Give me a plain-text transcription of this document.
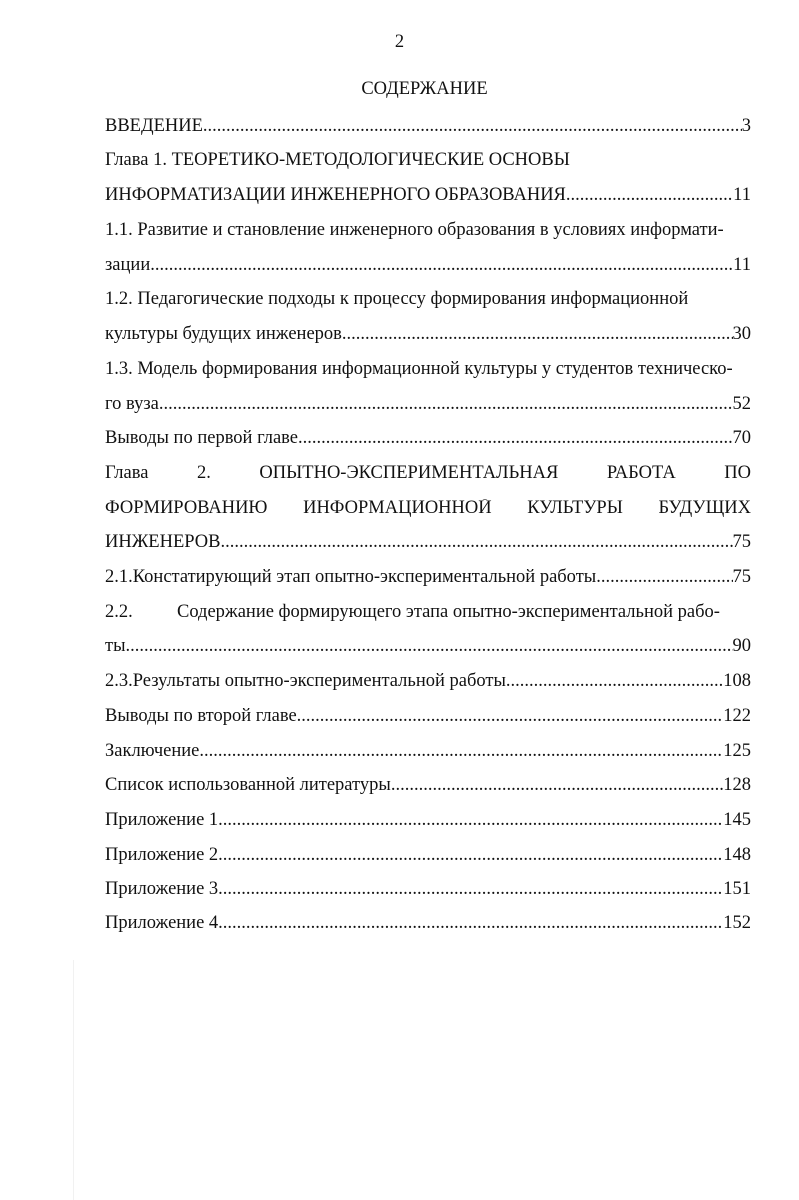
2
СОДЕРЖАНИЕ
ВВЕДЕНИЕ .....	3
Глава 1. ТЕОРЕТИКО-МЕТОДОЛОГИЧЕСКИЕ ОСНОВЫ
ИНФОРМАТИЗАЦИИ ИНЖЕНЕРНОГО ОБРАЗОВАНИЯ .....	11
1.1. Развитие и становление инженерного образования в условиях информати-
зации .....	11
1.2. Педагогические подходы к процессу формирования информационной
культуры будущих инженеров .....	30
1.3. Модель формирования информационной культуры у студентов техническо-
го вуза .....	52
Выводы по первой главе .....	70
Глава 2. ОПЫТНО-ЭКСПЕРИМЕНТАЛЬНАЯ РАБОТА ПО
ФОРМИРОВАНИЮ ИНФОРМАЦИОННОЙ КУЛЬТУРЫ БУДУЩИХ
ИНЖЕНЕРОВ .....	75
2.1. Констатирующий этап опытно-экспериментальной работы .....	75
2.2.	Содержание формирующего этапа опытно-экспериментальной рабо-
ты .....	90
2.3. Результаты опытно-экспериментальной работы .....	108
Выводы по второй главе .....	122
Заключение .....	125
Список использованной литературы .....	128
Приложение 1 .....	145
Приложение 2 .....	148
Приложение 3 .....	151
Приложение 4 .....	152
